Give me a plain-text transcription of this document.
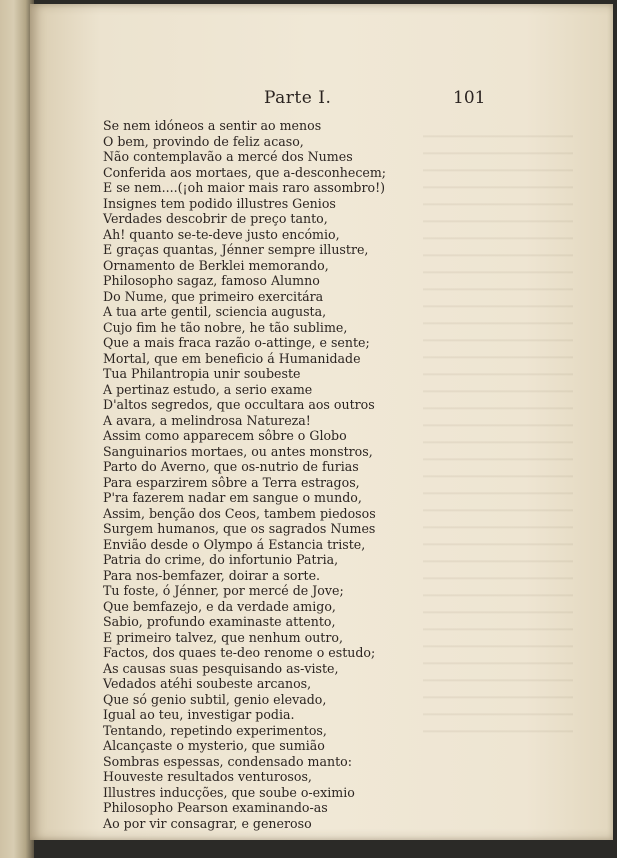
Parte I.	101
Se nem idóneos a sentir ao menos
O bem, provindo de feliz acaso,
Não contemplavão a mercé dos Numes
Conferida aos mortaes, que a-desconhecem;
E se nem....(¡oh maior mais raro assombro!)
Insignes tem podido illustres Genios
Verdades descobrir de preço tanto,
Ah! quanto se-te-deve justo encómio,
E graças quantas, Jénner sempre illustre,
Ornamento de Berklei memorando,
Philosopho sagaz, famoso Alumno
Do Nume, que primeiro exercitára
A tua arte gentil, sciencia augusta,
Cujo fim he tão nobre, he tão sublime,
Que a mais fraca razão o-attinge, e sente;
Mortal, que em beneficio á Humanidade
Tua Philantropia unir soubeste
A pertinaz estudo, a serio exame
D'altos segredos, que occultara aos outros
A avara, a melindrosa Natureza!
Assim como apparecem sôbre o Globo
Sanguinarios mortaes, ou antes monstros,
Parto do Averno, que os-nutrio de furias
Para esparzirem sôbre a Terra estragos,
P'ra fazerem nadar em sangue o mundo,
Assim, benção dos Ceos, tambem piedosos
Surgem humanos, que os sagrados Numes
Envião desde o Olympo á Estancia triste,
Patria do crime, do infortunio Patria,
Para nos-bemfazer, doirar a sorte.
Tu foste, ó Jénner, por mercé de Jove;
Que bemfazejo, e da verdade amigo,
Sabio, profundo examinaste attento,
E primeiro talvez, que nenhum outro,
Factos, dos quaes te-deo renome o estudo;
As causas suas pesquisando as-viste,
Vedados atéhi soubeste arcanos,
Que só genio subtil, genio elevado,
Igual ao teu, investigar podia.
Tentando, repetindo experimentos,
Alcançaste o mysterio, que sumião
Sombras espessas, condensado manto:
Houveste resultados venturosos,
Illustres inducções, que soube o-eximio
Philosopho Pearson examinando-as
Ao por vir consagrar, e generoso
